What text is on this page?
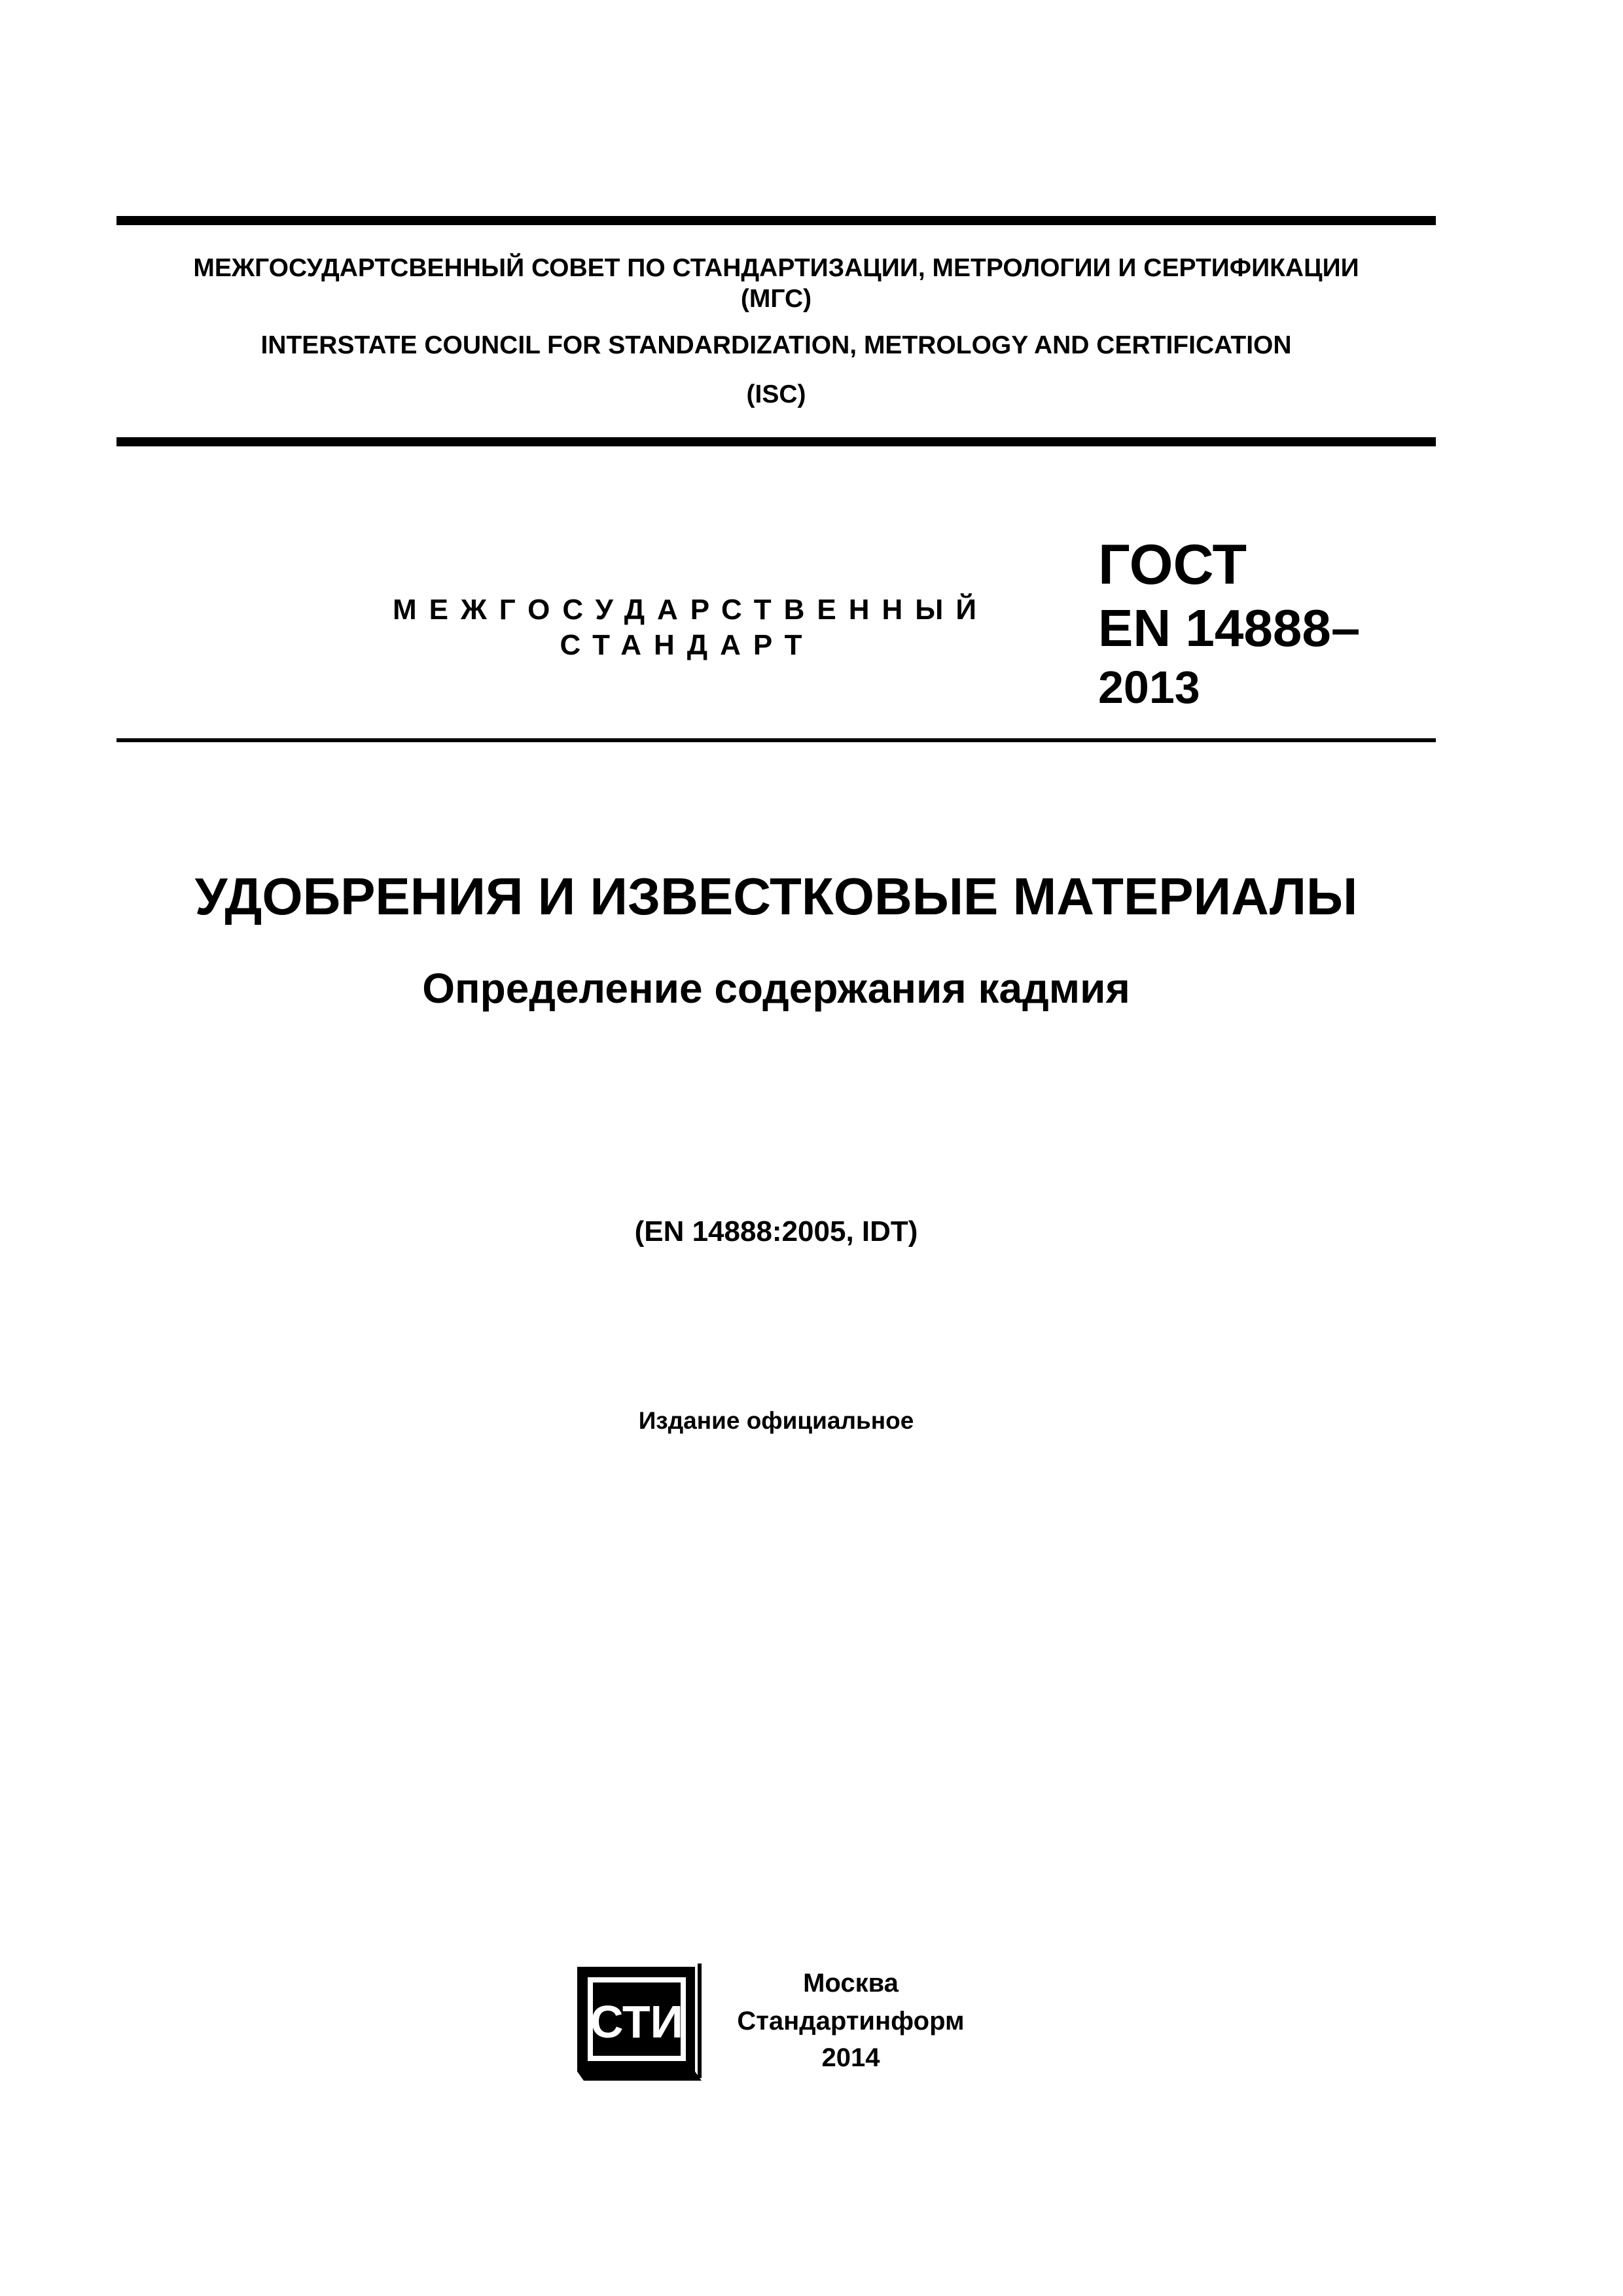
МЕЖГОСУДАРТСВЕННЫЙ СОВЕТ ПО СТАНДАРТИЗАЦИИ, МЕТРОЛОГИИ И СЕРТИФИКАЦИИ
(МГС)
INTERSTATE COUNCIL FOR STANDARDIZATION, METROLOGY AND CERTIFICATION
(ISC)
МЕЖГОСУДАРСТВЕННЫЙ
СТАНДАРТ
ГОСТ
EN 14888–
2013
УДОБРЕНИЯ И ИЗВЕСТКОВЫЕ МАТЕРИАЛЫ
Определение содержания кадмия
(EN 14888:2005, IDT)
Издание официальное
СТИ
Москва
Стандартинформ
2014
